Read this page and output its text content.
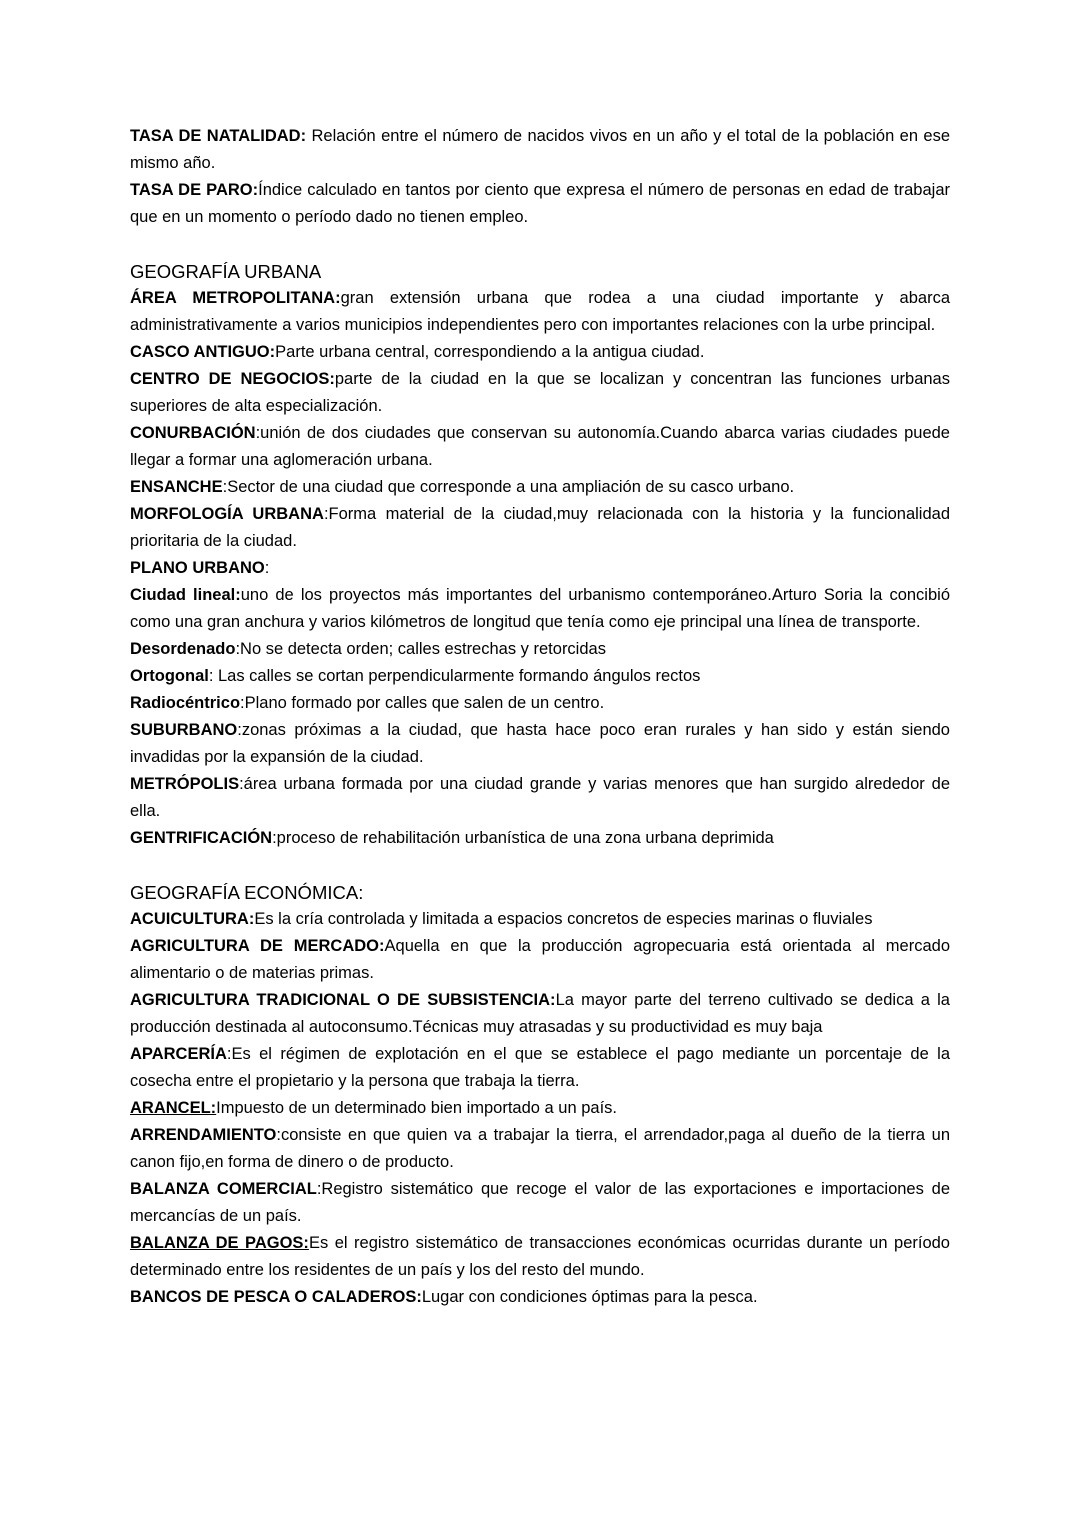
TASA DE NATALIDAD: Relación entre el número de nacidos vivos en un año y el total de la población en ese mismo año.

TASA DE PARO:Índice calculado en tantos por ciento que expresa el número de personas en edad de trabajar que en un momento o período dado no tienen empleo.

GEOGRAFÍA URBANA

ÁREA METROPOLITANA:gran extensión urbana que rodea a una ciudad importante y abarca administrativamente a varios municipios independientes pero con importantes relaciones con la urbe principal.

CASCO ANTIGUO:Parte urbana central, correspondiendo a la antigua ciudad.

CENTRO DE NEGOCIOS:parte de la ciudad en la que se localizan y concentran las funciones urbanas superiores de alta especialización.

CONURBACIÓN:unión de dos ciudades que conservan su autonomía.Cuando abarca varias ciudades puede llegar a formar una aglomeración urbana.

ENSANCHE:Sector de una ciudad que corresponde a una ampliación de su casco urbano.

MORFOLOGÍA URBANA:Forma material de la ciudad,muy relacionada con la historia y la funcionalidad prioritaria de la ciudad.

PLANO URBANO:

Ciudad lineal:uno de los proyectos más importantes del urbanismo contemporáneo.Arturo Soria la concibió como una gran anchura y varios kilómetros de longitud que tenía como eje principal una línea de transporte.

Desordenado:No se detecta orden; calles estrechas y retorcidas

Ortogonal: Las calles se cortan perpendicularmente formando ángulos rectos

Radiocéntrico:Plano formado por calles que salen de un centro.

SUBURBANO:zonas próximas a la ciudad, que hasta hace poco eran rurales y han sido y están siendo invadidas por la expansión de la ciudad.

METRÓPOLIS:área urbana formada por una ciudad grande y varias menores que han surgido alrededor de ella.

GENTRIFICACIÓN:proceso de rehabilitación urbanística de una zona urbana deprimida

GEOGRAFÍA ECONÓMICA:

ACUICULTURA:Es la cría controlada y limitada a espacios concretos de especies marinas o fluviales

AGRICULTURA DE MERCADO:Aquella en que la producción agropecuaria está orientada al mercado alimentario o de materias primas.

AGRICULTURA TRADICIONAL O DE SUBSISTENCIA:La mayor parte del terreno cultivado se dedica a la producción destinada al autoconsumo.Técnicas muy atrasadas y su productividad es muy baja

APARCERÍA:Es el régimen de explotación en el que se establece el pago mediante un porcentaje de la cosecha entre el propietario y la persona que trabaja la tierra.

ARANCEL:Impuesto de un determinado bien importado a un país.

ARRENDAMIENTO:consiste en que quien va a trabajar la tierra, el arrendador,paga al dueño de la tierra un canon fijo,en forma de dinero o de producto.

BALANZA COMERCIAL:Registro sistemático que recoge el valor de las exportaciones e importaciones de mercancías de un país.

BALANZA DE PAGOS:Es el registro sistemático de transacciones económicas ocurridas durante un período determinado entre los residentes de un país y los del resto del mundo.

BANCOS DE PESCA O CALADEROS:Lugar con condiciones óptimas para la pesca.
